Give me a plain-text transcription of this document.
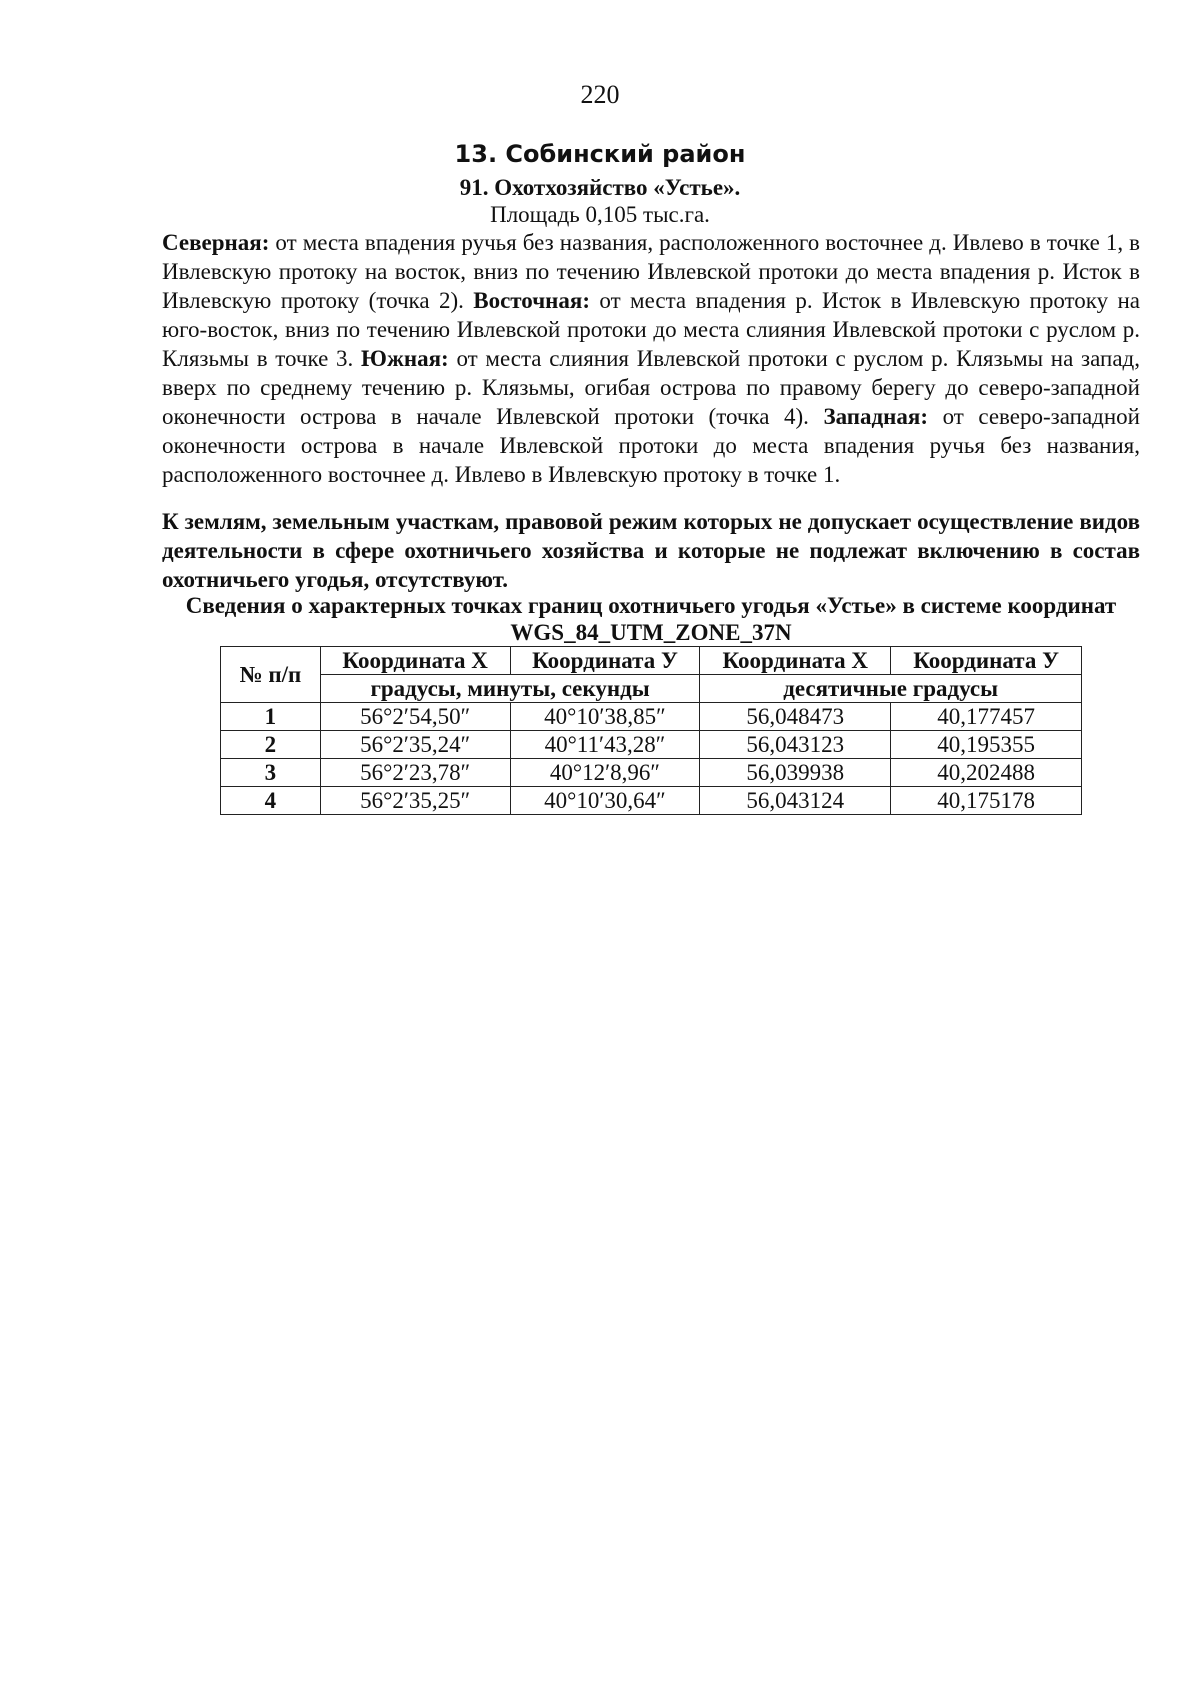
220
13. Собинский район
91. Охотхозяйство «Устье».
Площадь 0,105 тыс.га.

Северная: от места впадения ручья без названия, расположенного восточнее д. Ивлево в точке 1, в Ивлевскую протоку на восток, вниз по течению Ивлевской протоки до места впадения р. Исток в Ивлевскую протоку (точка 2). Восточная: от места впадения р. Исток в Ивлевскую протоку на юго-восток, вниз по течению Ивлевской протоки до места слияния Ивлевской протоки с руслом р. Клязьмы в точке 3. Южная: от места слияния Ивлевской протоки с руслом р. Клязьмы на запад, вверх по среднему течению р. Клязьмы, огибая острова по правому берегу до северо-западной оконечности острова в начале Ивлевской протоки (точка 4). Западная: от северо-западной оконечности острова в начале Ивлевской протоки до места впадения ручья без названия, расположенного восточнее д. Ивлево в Ивлевскую протоку в точке 1.

К землям, земельным участкам, правовой режим которых не допускает осуществление видов деятельности в сфере охотничьего хозяйства и которые не подлежат включению в состав охотничьего угодья, отсутствуют.

Сведения о характерных точках границ охотничьего угодья «Устье» в системе координат WGS_84_UTM_ZONE_37N

№ п/п	Координата X	Координата У	Координата X	Координата У
	градусы, минуты, секунды		десятичные градусы	
1	56°2′54,50″	40°10′38,85″	56,048473	40,177457
2	56°2′35,24″	40°11′43,28″	56,043123	40,195355
3	56°2′23,78″	40°12′8,96″	56,039938	40,202488
4	56°2′35,25″	40°10′30,64″	56,043124	40,175178
